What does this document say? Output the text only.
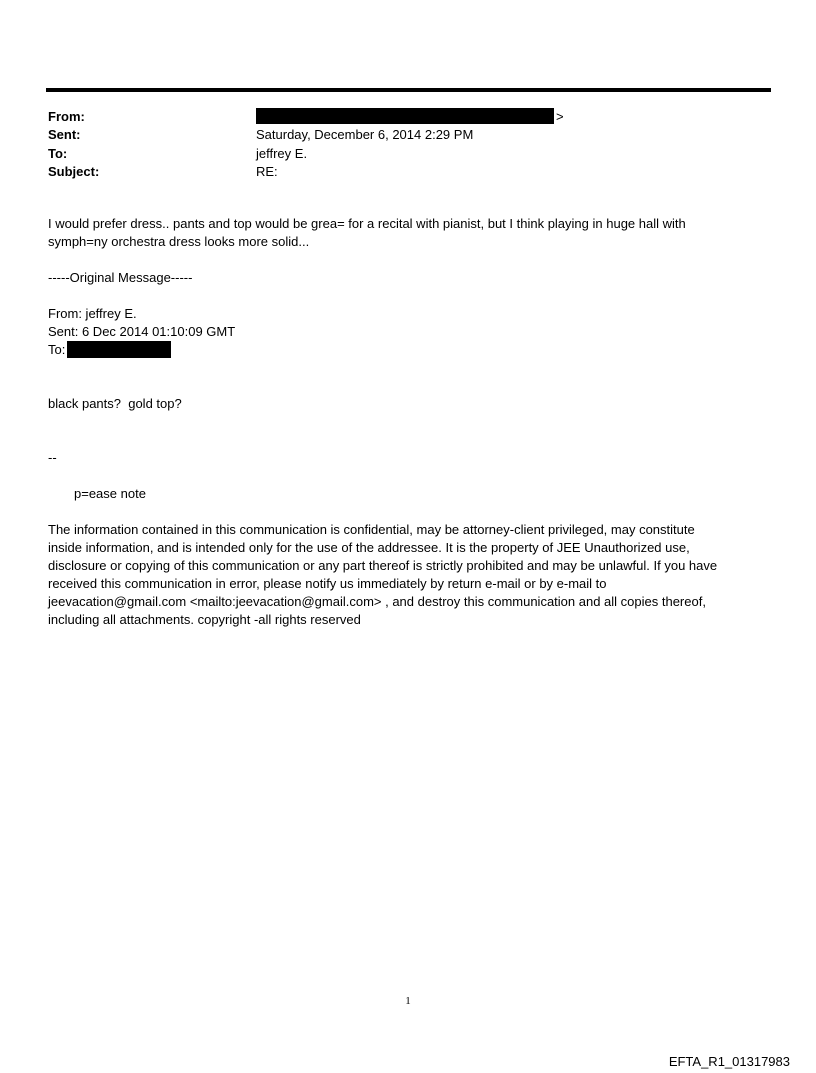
From:	>
Sent:	Saturday, December 6, 2014 2:29 PM
To:	jeffrey E.
Subject:	RE:

I would prefer dress.. pants and top would be grea= for a recital with pianist, but I think playing in huge hall with

symph=ny orchestra dress looks more solid...

-----Original Message-----

From: jeffrey E.

Sent: 6 Dec 2014 01:10:09 GMT

To:

black pants?  gold top?

--

p=ease note

The information contained in this communication is confidential, may be attorney-client privileged, may constitute

inside information, and is intended only for the use of the addressee. It is the property of JEE Unauthorized use,

disclosure or copying of this communication or any part thereof is strictly prohibited and may be unlawful. If you have

received this communication in error, please notify us immediately by return e-mail or by e-mail to

jeevacation@gmail.com <mailto:jeevacation@gmail.com> , and destroy this communication and all copies thereof,

including all attachments. copyright -all rights reserved

1
EFTA_R1_01317983
